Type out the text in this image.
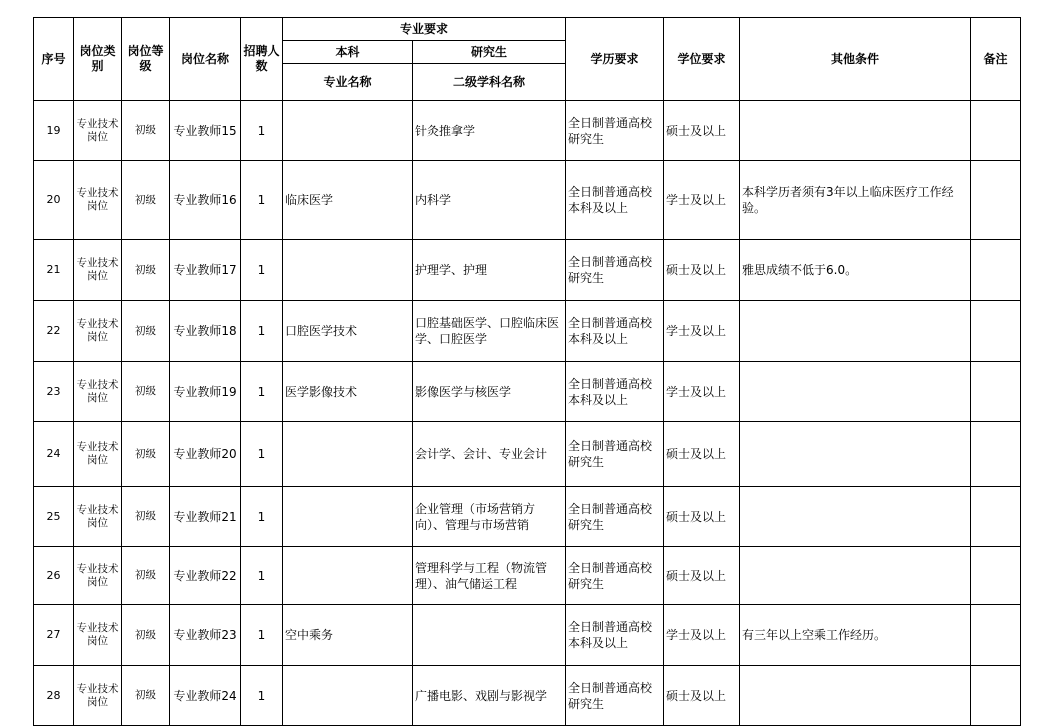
序号	岗位类别	岗位等级	岗位名称	招聘人数	专业要求		学历要求	学位要求	其他条件	备注
					本科	研究生				
					专业名称	二级学科名称				
19	专业技术岗位	初级	专业教师15	1		针灸推拿学	全日制普通高校研究生	硕士及以上		
20	专业技术岗位	初级	专业教师16	1	临床医学	内科学	全日制普通高校本科及以上	学士及以上	本科学历者须有3年以上临床医疗工作经验。	
21	专业技术岗位	初级	专业教师17	1		护理学、护理	全日制普通高校研究生	硕士及以上	雅思成绩不低于6.0。	
22	专业技术岗位	初级	专业教师18	1	口腔医学技术	口腔基础医学、口腔临床医学、口腔医学	全日制普通高校本科及以上	学士及以上		
23	专业技术岗位	初级	专业教师19	1	医学影像技术	影像医学与核医学	全日制普通高校本科及以上	学士及以上		
24	专业技术岗位	初级	专业教师20	1		会计学、会计、专业会计	全日制普通高校研究生	硕士及以上		
25	专业技术岗位	初级	专业教师21	1		企业管理（市场营销方向）、管理与市场营销	全日制普通高校研究生	硕士及以上		
26	专业技术岗位	初级	专业教师22	1		管理科学与工程（物流管理）、油气储运工程	全日制普通高校研究生	硕士及以上		
27	专业技术岗位	初级	专业教师23	1	空中乘务		全日制普通高校本科及以上	学士及以上	有三年以上空乘工作经历。	
28	专业技术岗位	初级	专业教师24	1		广播电影、戏剧与影视学	全日制普通高校研究生	硕士及以上		
